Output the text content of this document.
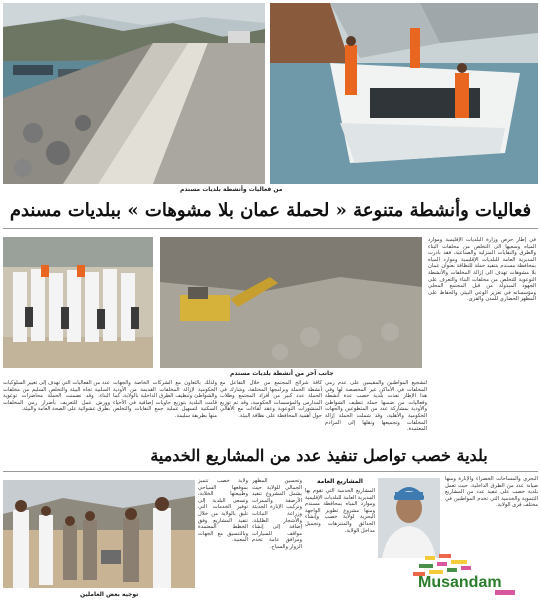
من فعاليات وأنشطة بلديات مسندم
فعاليات وأنشطة متنوعة « لحملة عمان بلا مشوهات » ببلديات مسندم
جانب آخر من أنشطة بلديات مسندم
في إطار حرص وزارة البلديات الإقليمية وموارد المياه وسعيها الى التخلص من مخلفات البناء والطرق والنفايات المنزلية والصناعية، فقد بادرت المديرية العامة للبلديات الإقليمية وموارد المياه بمحافظة مسندم بتنفيذ حملة للنظافة بعنوان عمان بلا مشوهات تهدف الى إزالة المخلفات والأنشطة التوعوية للتخلص من مخلفات البناء والتعرف على الجهود المبذولة من قبل المجتمع المحلي ومؤسساته في تعزيز الوعي البيئي والحفاظ على المظهر الحضاري للمدن والقرى.
لتشجيع المواطنين والمقيمين على عدم رمي المخلفات في الأماكن غير المخصصة لها وفي هذا الإطار نفذت بلدية خصب عدة أنشطة وفعاليات من ضمنها حملة تنظيف الشواطئ والأودية بمشاركة عدد من المتطوعين والجهات الحكومية والأهلية، وقد شملت الحملة إزالة المخلفات وتجميعها ونقلها إلى المرادم المعتمدة.
كافة شرائح المجتمع من خلال التفاعل مع أنشطة الحملة وبرامجها المختلفة، وشارك في الحملة عدد كبير من أفراد المجتمع وطلاب المدارس والمؤسسات الحكومية، وقد تم توزيع المنشورات التوعوية وعقد لقاءات مع الأهالي حول أهمية المحافظة على نظافة البيئة.
ولذلك بالتعاون مع الشركات الخاصة والجهات الحكومية لإزالة المخلفات القديمة من الأودية والشواطئ وتنظيف الطرق الداخلية بالولاية، كما قامت البلدية بتوزيع حاويات إضافية في الأحياء السكنية لتسهيل عملية جمع النفايات والتخلص منها بطريقة سليمة.
عدد من الفعاليات التي تهدف إلى تغيير السلوكيات السلبية تجاه البيئة والتخلص السليم من مخلفات البناء، وقد تضمنت الحملة محاضرات توعوية وورش عمل للتعريف بأضرار رمي المخلفات بطرق عشوائية على الصحة العامة والبيئة.
بلدية خصب تواصل تنفيذ عدد من المشاريع الخدمية
البحري والمساحات الخضراء والإنارة ومنها صيانة عدد من الطرق الداخلية، حيث تعمل بلدية خصب على تنفيذ عدد من المشاريع التنموية والخدمية التي تخدم المواطنين في مختلف قرى الولاية.
المشاريع العامة
المشاريع الخدمية التي تقوم بها المديرية العامة للبلديات الإقليمية وموارد المياه بمحافظة مسندم ومنها مشروع تطوير الواجهة البحرية لولاية خصب وإنشاء الحدائق والمتنزهات وتجميل مداخل الولاية.
وتحسين المظهر الجمالي للولاية حيث يشمل المشروع تنفيذ الأرصفة والممرات وتركيب الإنارة الحديثة وزراعة النباتات والأشجار الظليلة، إضافة إلى إنشاء مواقف للسيارات ومرافق عامة تخدم الزوار والسياح.
ولاية خصب تتميز بموقعها السياحي وطبيعتها الخلابة، وتسعى البلدية إلى توفير الخدمات التي تليق بالولاية من خلال تنفيذ المشاريع وفق الخطط المعتمدة وبالتنسيق مع الجهات المعنية.
توجيه بعض العاملين
Musandam
